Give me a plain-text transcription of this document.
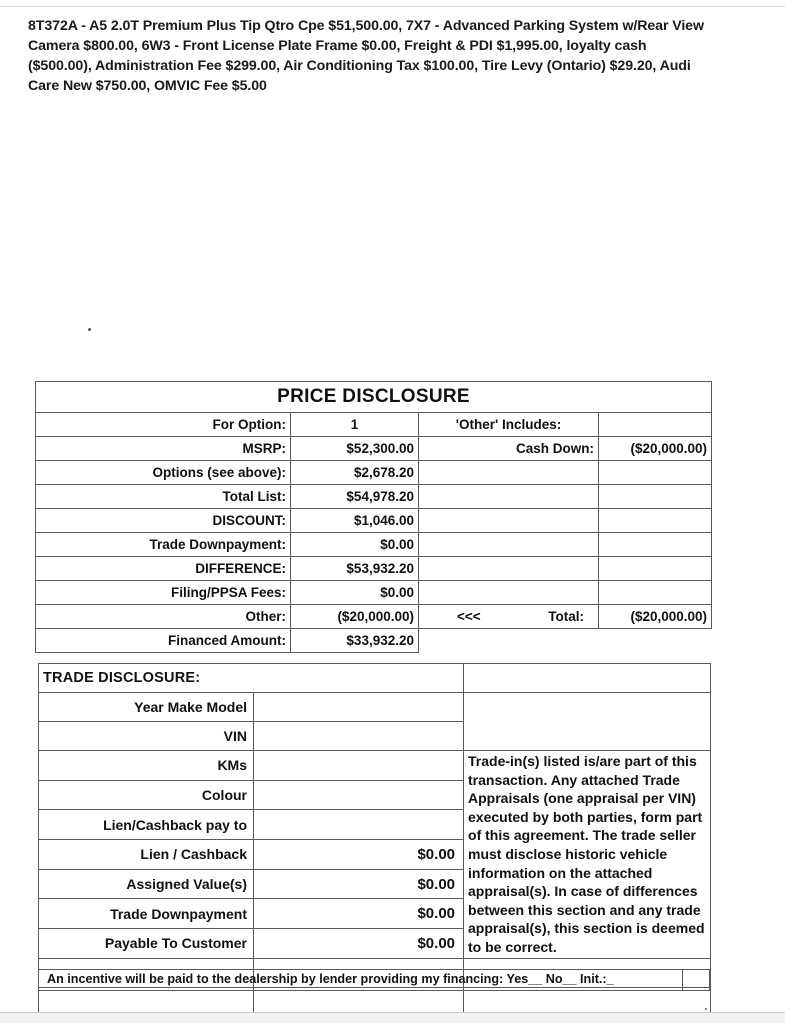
8T372A - A5 2.0T Premium Plus Tip Qtro Cpe $51,500.00, 7X7 - Advanced Parking System w/Rear View Camera $800.00, 6W3 - Front License Plate Frame $0.00, Freight & PDI $1,995.00, loyalty cash ($500.00), Administration Fee $299.00, Air Conditioning Tax $100.00, Tire Levy (Ontario) $29.20, Audi Care New $750.00, OMVIC Fee $5.00
PRICE DISCLOSURE			
For Option:	1	'Other' Includes:	
MSRP:	$52,300.00	Cash Down:	($20,000.00)
Options (see above):	$2,678.20		
Total List:	$54,978.20		
DISCOUNT:	$1,046.00		
Trade Downpayment:	$0.00		
DIFFERENCE:	$53,932.20		
Filing/PPSA Fees:	$0.00		
Other:	($20,000.00)	<<< Total:	($20,000.00)
Financed Amount:	$33,932.20		
TRADE DISCLOSURE:		
Year Make Model		
VIN		
KMs		Trade-in(s) listed is/are part of this transaction. Any attached Trade Appraisals (one appraisal per VIN) executed by both parties, form part of this agreement. The trade seller must disclose historic vehicle information on the attached appraisal(s). In case of differences between this section and any trade appraisal(s), this section is deemed to be correct.
Colour		
Lien/Cashback pay to		
Lien / Cashback	$0.00	
Assigned Value(s)	$0.00	
Trade Downpayment	$0.00	
Payable To Customer	$0.00	

An incentive will be paid to the dealership by lender providing my financing: Yes__ No__ Init.:_
